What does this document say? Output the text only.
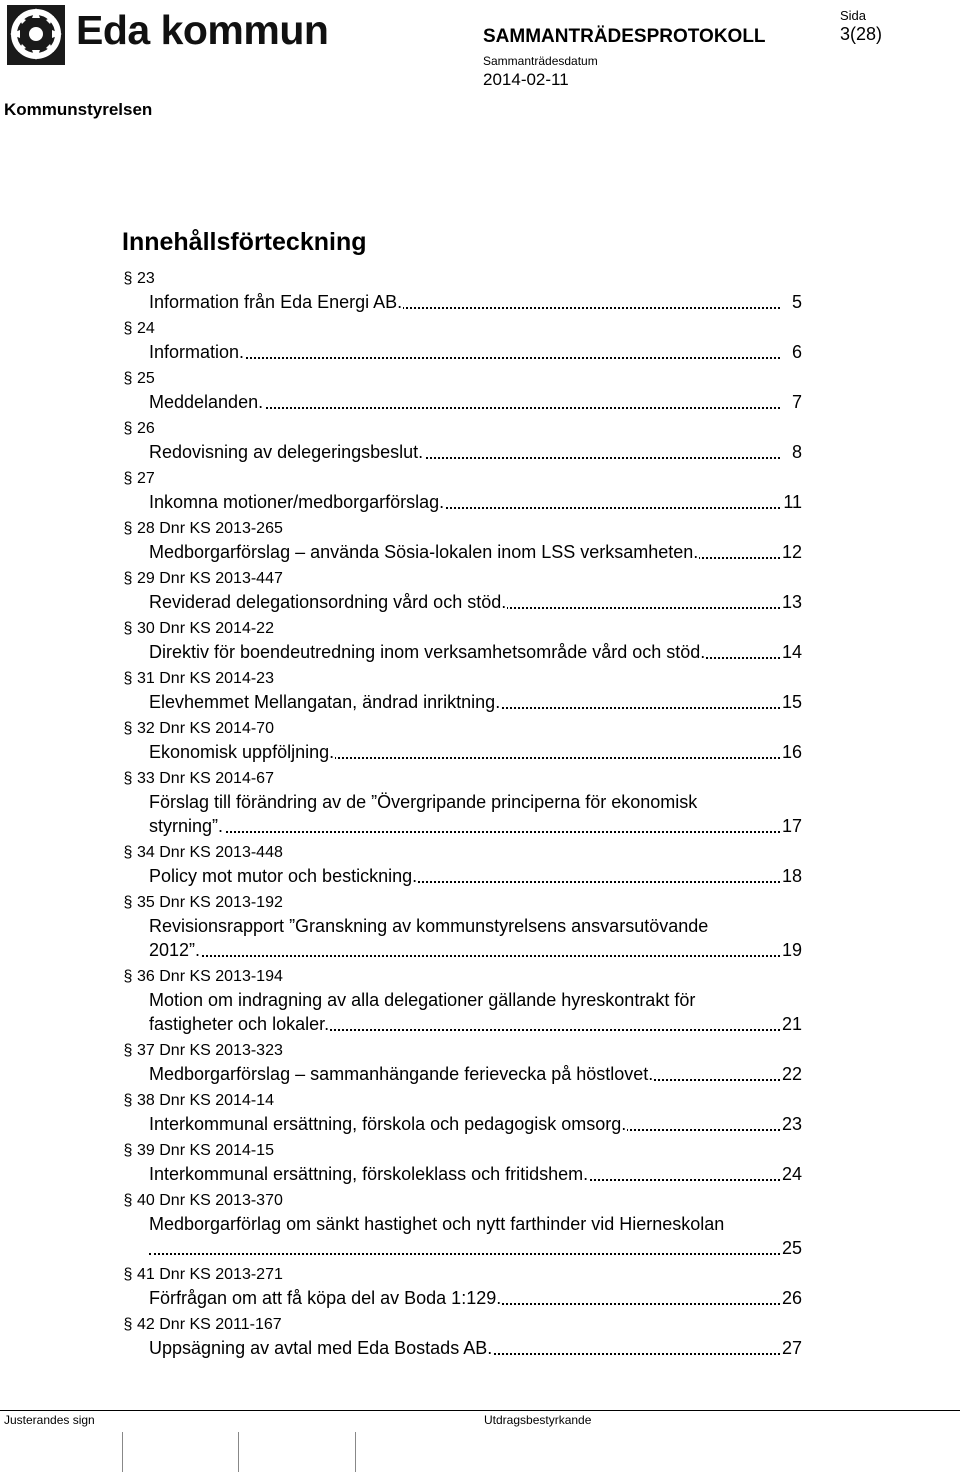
Eda kommun	SAMMANTRÄDESPROTOKOLL
Sammanträdesdatum
2014-02-11
Sida
3(28)
Kommunstyrelsen
Innehållsförteckning
§ 23
Information från Eda Energi AB.	5
§ 24
Information.	6
§ 25
Meddelanden.	7
§ 26
Redovisning av delegeringsbeslut.	8
§ 27
Inkomna motioner/medborgarförslag.	11
§ 28 Dnr KS 2013-265
Medborgarförslag – använda Sösia-lokalen inom LSS verksamheten.	12
§ 29 Dnr KS 2013-447
Reviderad delegationsordning vård och stöd.	13
§ 30 Dnr KS 2014-22
Direktiv för boendeutredning inom verksamhetsområde vård och stöd.	14
§ 31 Dnr KS 2014-23
Elevhemmet Mellangatan, ändrad inriktning.	15
§ 32 Dnr KS 2014-70
Ekonomisk uppföljning.	16
§ 33 Dnr KS 2014-67
Förslag till förändring av de ”Övergripande principerna för ekonomisk
styrning”.	17
§ 34 Dnr KS 2013-448
Policy mot mutor och bestickning.	18
§ 35 Dnr KS 2013-192
Revisionsrapport ”Granskning av kommunstyrelsens ansvarsutövande
2012”.	19
§ 36 Dnr KS 2013-194
Motion om indragning av alla delegationer gällande hyreskontrakt för
fastigheter och lokaler.	21
§ 37 Dnr KS 2013-323
Medborgarförslag – sammanhängande ferievecka på höstlovet.	22
§ 38 Dnr KS 2014-14
Interkommunal ersättning, förskola och pedagogisk omsorg.	23
§ 39 Dnr KS 2014-15
Interkommunal ersättning, förskoleklass och fritidshem.	24
§ 40 Dnr KS 2013-370
Medborgarförlag om sänkt hastighet och nytt farthinder vid Hierneskolan
25
§ 41 Dnr KS 2013-271
Förfrågan om att få köpa del av Boda 1:129.	26
§ 42 Dnr KS 2011-167
Uppsägning av avtal med Eda Bostads AB.	27
Justerandes sign	Utdragsbestyrkande
